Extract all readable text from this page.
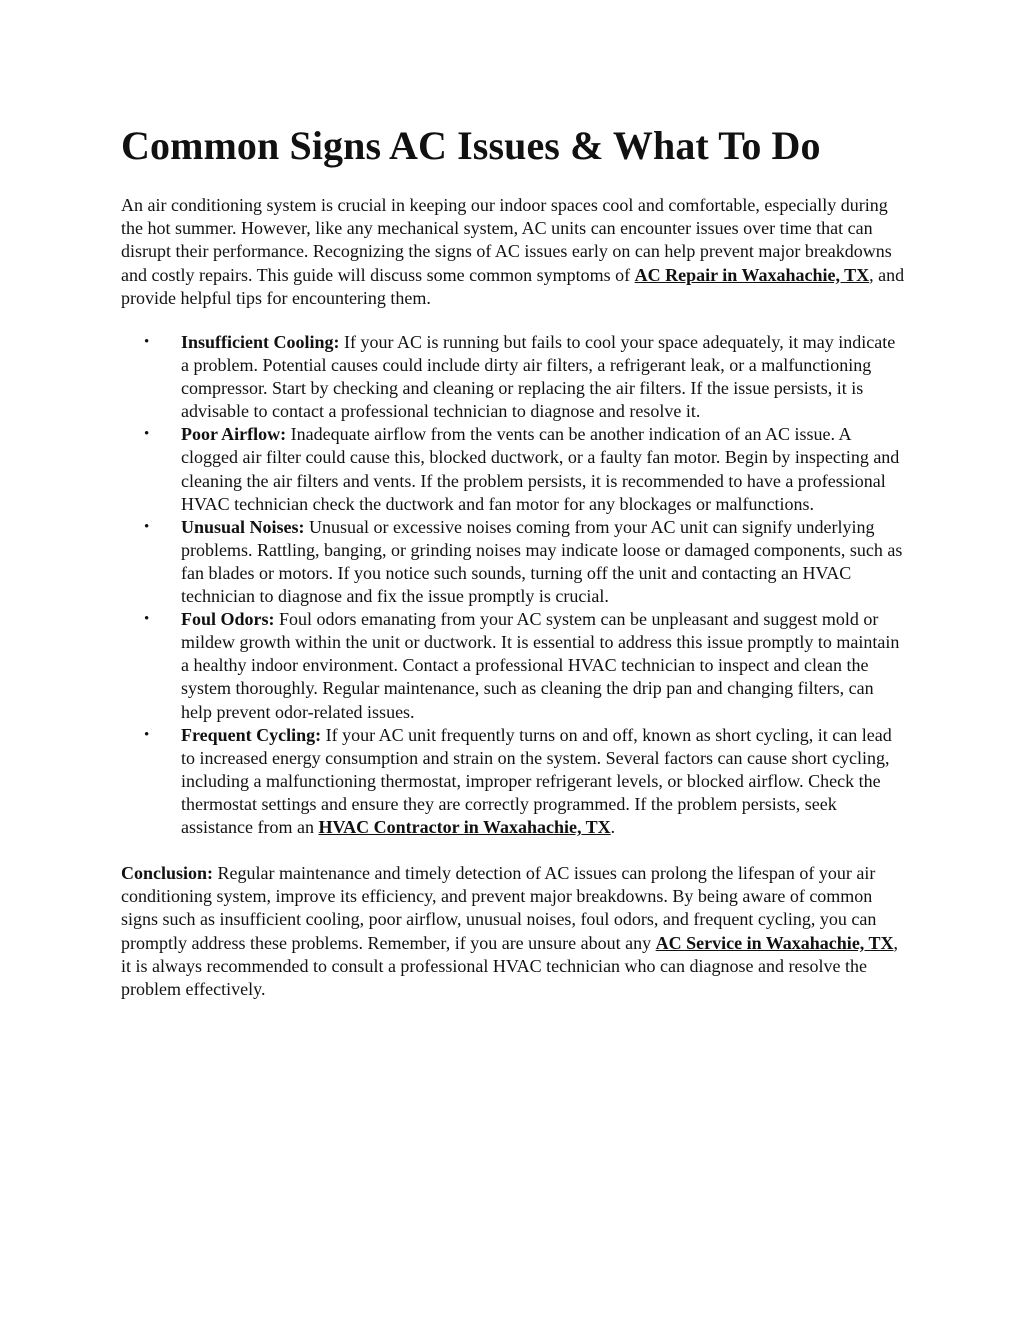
Common Signs AC Issues & What To Do

An air conditioning system is crucial in keeping our indoor spaces cool and comfortable, especially during the hot summer. However, like any mechanical system, AC units can encounter issues over time that can disrupt their performance. Recognizing the signs of AC issues early on can help prevent major breakdowns and costly repairs. This guide will discuss some common symptoms of AC Repair in Waxahachie, TX, and provide helpful tips for encountering them.

• Insufficient Cooling: If your AC is running but fails to cool your space adequately, it may indicate a problem. Potential causes could include dirty air filters, a refrigerant leak, or a malfunctioning compressor. Start by checking and cleaning or replacing the air filters. If the issue persists, it is advisable to contact a professional technician to diagnose and resolve it.
• Poor Airflow: Inadequate airflow from the vents can be another indication of an AC issue. A clogged air filter could cause this, blocked ductwork, or a faulty fan motor. Begin by inspecting and cleaning the air filters and vents. If the problem persists, it is recommended to have a professional HVAC technician check the ductwork and fan motor for any blockages or malfunctions.
• Unusual Noises: Unusual or excessive noises coming from your AC unit can signify underlying problems. Rattling, banging, or grinding noises may indicate loose or damaged components, such as fan blades or motors. If you notice such sounds, turning off the unit and contacting an HVAC technician to diagnose and fix the issue promptly is crucial.
• Foul Odors: Foul odors emanating from your AC system can be unpleasant and suggest mold or mildew growth within the unit or ductwork. It is essential to address this issue promptly to maintain a healthy indoor environment. Contact a professional HVAC technician to inspect and clean the system thoroughly. Regular maintenance, such as cleaning the drip pan and changing filters, can help prevent odor-related issues.
• Frequent Cycling: If your AC unit frequently turns on and off, known as short cycling, it can lead to increased energy consumption and strain on the system. Several factors can cause short cycling, including a malfunctioning thermostat, improper refrigerant levels, or blocked airflow. Check the thermostat settings and ensure they are correctly programmed. If the problem persists, seek assistance from an HVAC Contractor in Waxahachie, TX.

Conclusion: Regular maintenance and timely detection of AC issues can prolong the lifespan of your air conditioning system, improve its efficiency, and prevent major breakdowns. By being aware of common signs such as insufficient cooling, poor airflow, unusual noises, foul odors, and frequent cycling, you can promptly address these problems. Remember, if you are unsure about any AC Service in Waxahachie, TX, it is always recommended to consult a professional HVAC technician who can diagnose and resolve the problem effectively.
